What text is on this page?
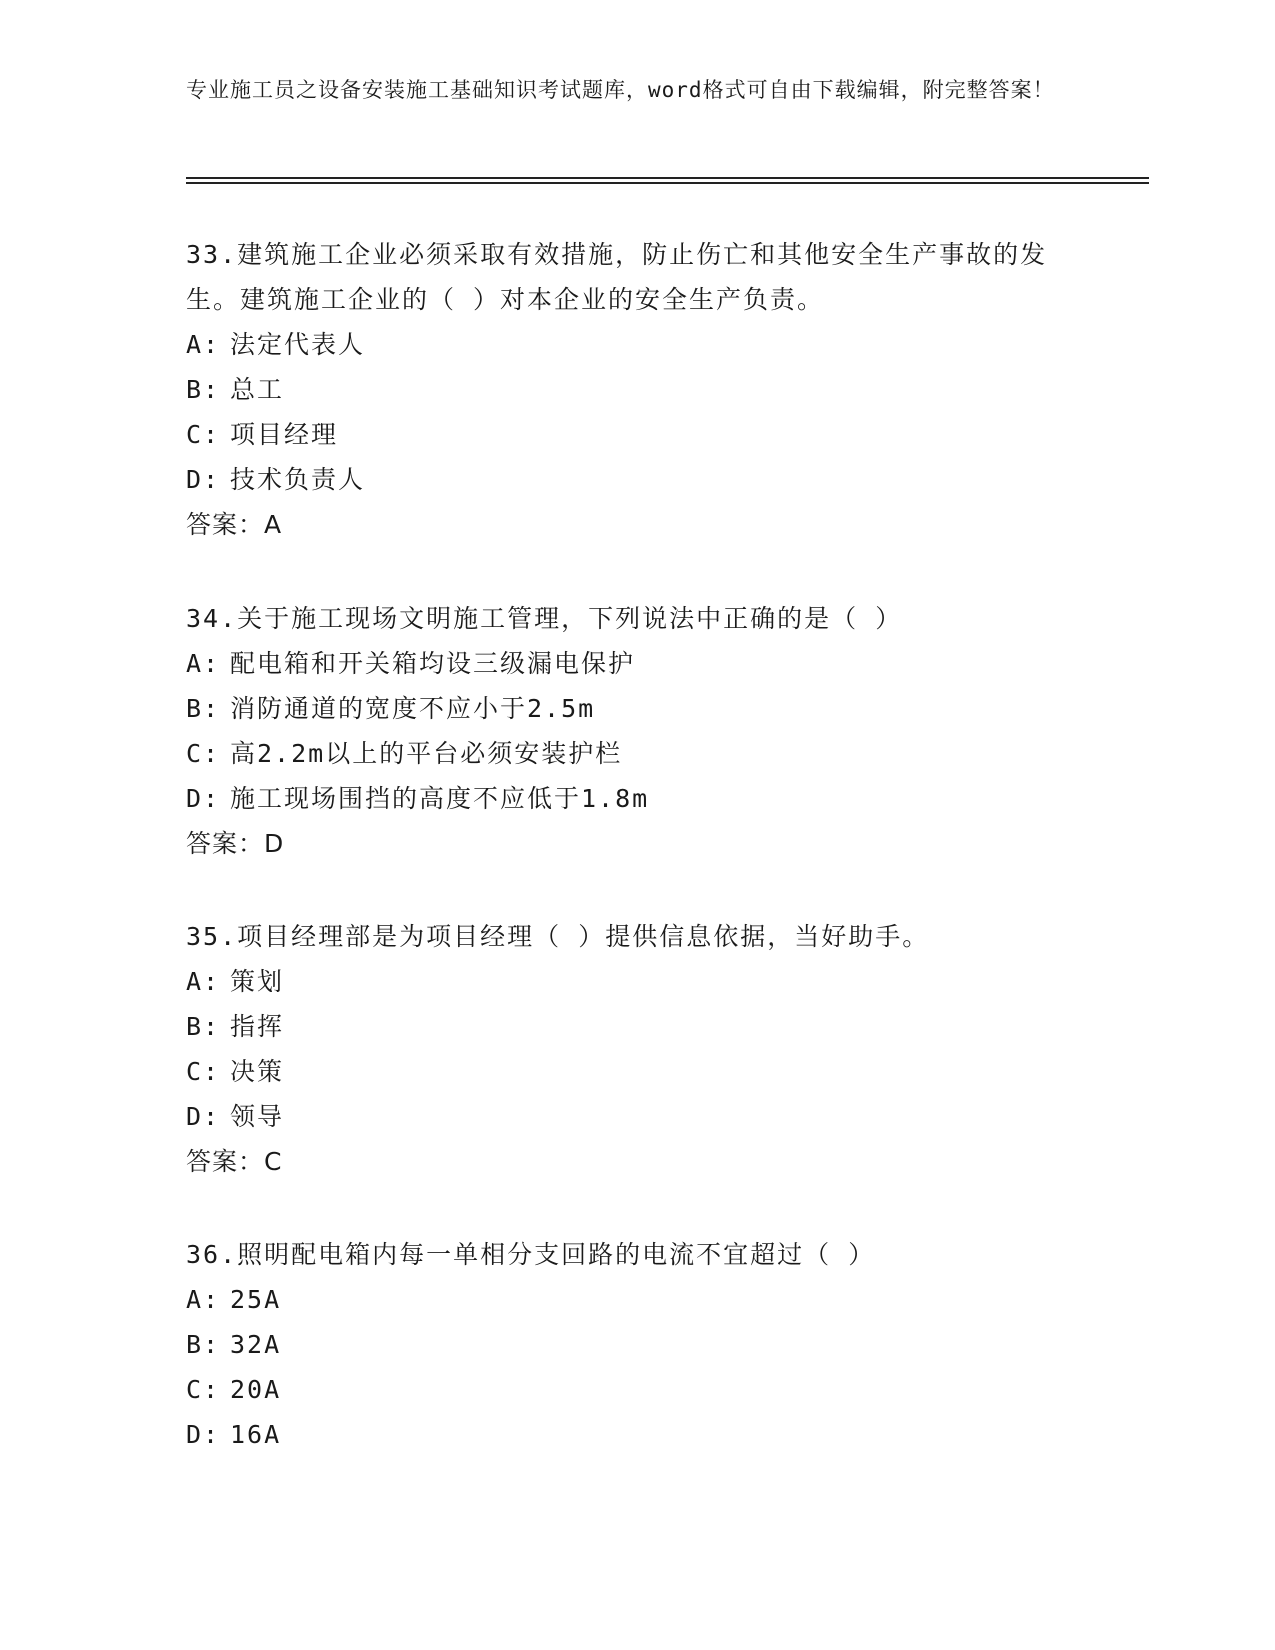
专业施工员之设备安装施工基础知识考试题库，word格式可自由下载编辑，附完整答案！

33.建筑施工企业必须采取有效措施，防止伤亡和其他安全生产事故的发生。建筑施工企业的（ ）对本企业的安全生产负责。

A: 法定代表人

B: 总工

C: 项目经理

D: 技术负责人

答案：A

34.关于施工现场文明施工管理，下列说法中正确的是（ ）

A: 配电箱和开关箱均设三级漏电保护

B: 消防通道的宽度不应小于2.5m

C: 高2.2m以上的平台必须安装护栏

D: 施工现场围挡的高度不应低于1.8m

答案：D

35.项目经理部是为项目经理（ ）提供信息依据，当好助手。

A: 策划

B: 指挥

C: 决策

D: 领导

答案：C

36.照明配电箱内每一单相分支回路的电流不宜超过（ ）

A: 25A

B: 32A

C: 20A

D: 16A
